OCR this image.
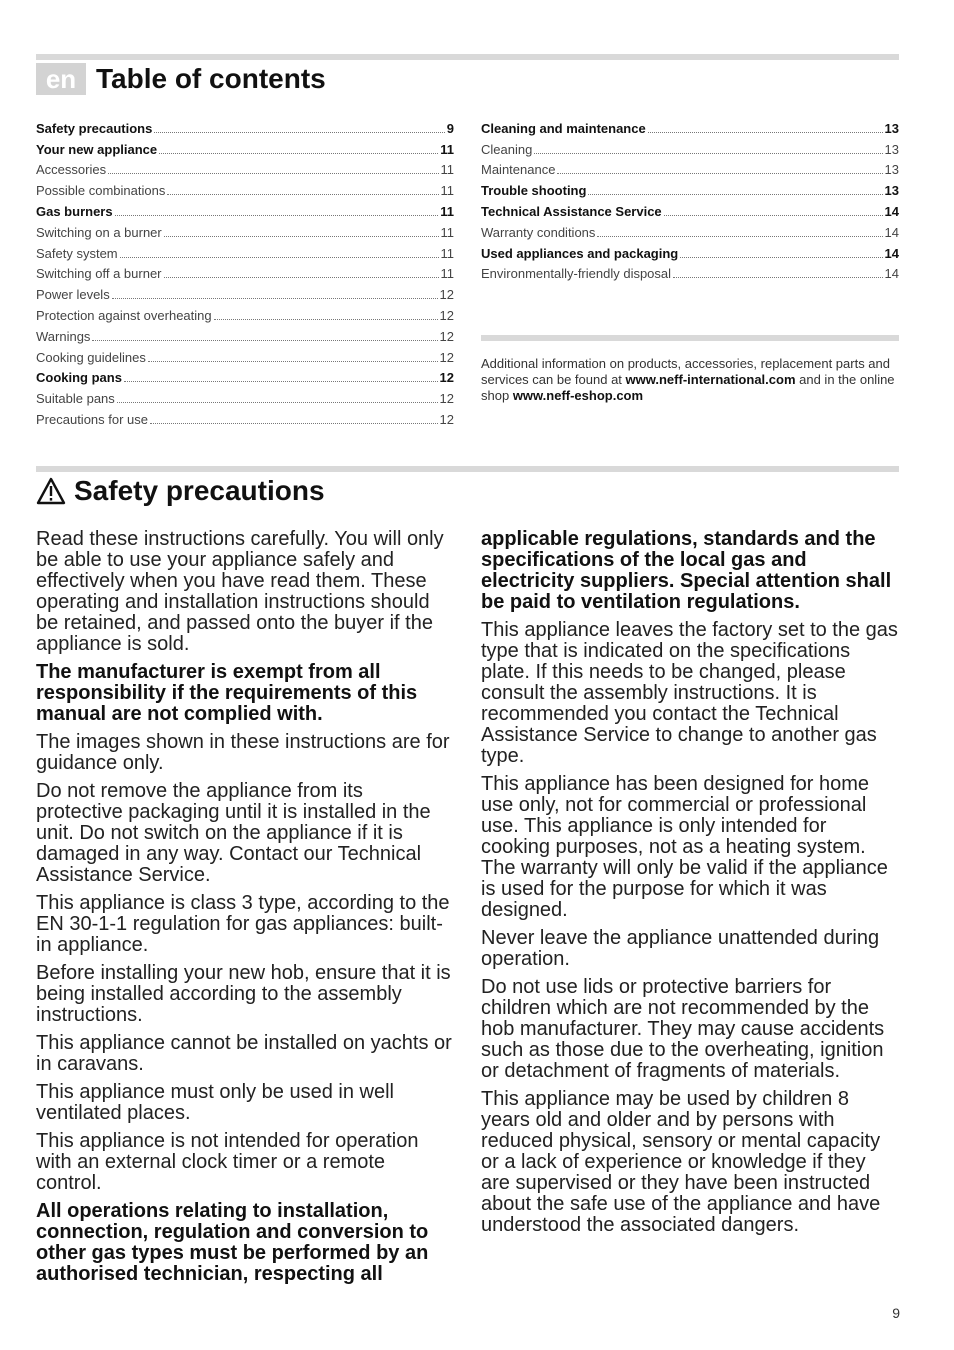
en Table of contents
Safety precautions	9
Your new appliance	11
Accessories	11
Possible combinations	11
Gas burners	11
Switching on a burner	11
Safety system	11
Switching off a burner	11
Power levels	12
Protection against overheating	12
Warnings	12
Cooking guidelines	12
Cooking pans	12
Suitable pans	12
Precautions for use	12
Cleaning and maintenance	13
Cleaning	13
Maintenance	13
Trouble shooting	13
Technical Assistance Service	14
Warranty conditions	14
Used appliances and packaging	14
Environmentally-friendly disposal	14
Additional information on products, accessories, replacement parts and services can be found at www.neff-international.com and in the online shop www.neff-eshop.com
Safety precautions

Read these instructions carefully. You will only be able to use your appliance safely and effectively when you have read them. These operating and installation instructions should be retained, and passed onto the buyer if the appliance is sold.

The manufacturer is exempt from all responsibility if the requirements of this manual are not complied with.

The images shown in these instructions are for guidance only.

Do not remove the appliance from its protective packaging until it is installed in the unit. Do not switch on the appliance if it is damaged in any way. Contact our Technical Assistance Service.

This appliance is class 3 type, according to the EN 30-1-1 regulation for gas appliances: built-in appliance.

Before installing your new hob, ensure that it is being installed according to the assembly instructions.

This appliance cannot be installed on yachts or in caravans.

This appliance must only be used in well ventilated places.

This appliance is not intended for operation with an external clock timer or a remote control.

All operations relating to installation, connection, regulation and conversion to other gas types must be performed by an authorised technician, respecting all

applicable regulations, standards and the specifications of the local gas and electricity suppliers. Special attention shall be paid to ventilation regulations.

This appliance leaves the factory set to the gas type that is indicated on the specifications plate. If this needs to be changed, please consult the assembly instructions. It is recommended you contact the Technical Assistance Service to change to another gas type.

This appliance has been designed for home use only, not for commercial or professional use. This appliance is only intended for cooking purposes, not as a heating system. The warranty will only be valid if the appliance is used for the purpose for which it was designed.

Never leave the appliance unattended during operation.

Do not use lids or protective barriers for children which are not recommended by the hob manufacturer. They may cause accidents such as those due to the overheating, ignition or detachment of fragments of materials.

This appliance may be used by children 8 years old and older and by persons with reduced physical, sensory or mental capacity or a lack of experience or knowledge if they are supervised or they have been instructed about the safe use of the appliance and have understood the associated dangers.

9
